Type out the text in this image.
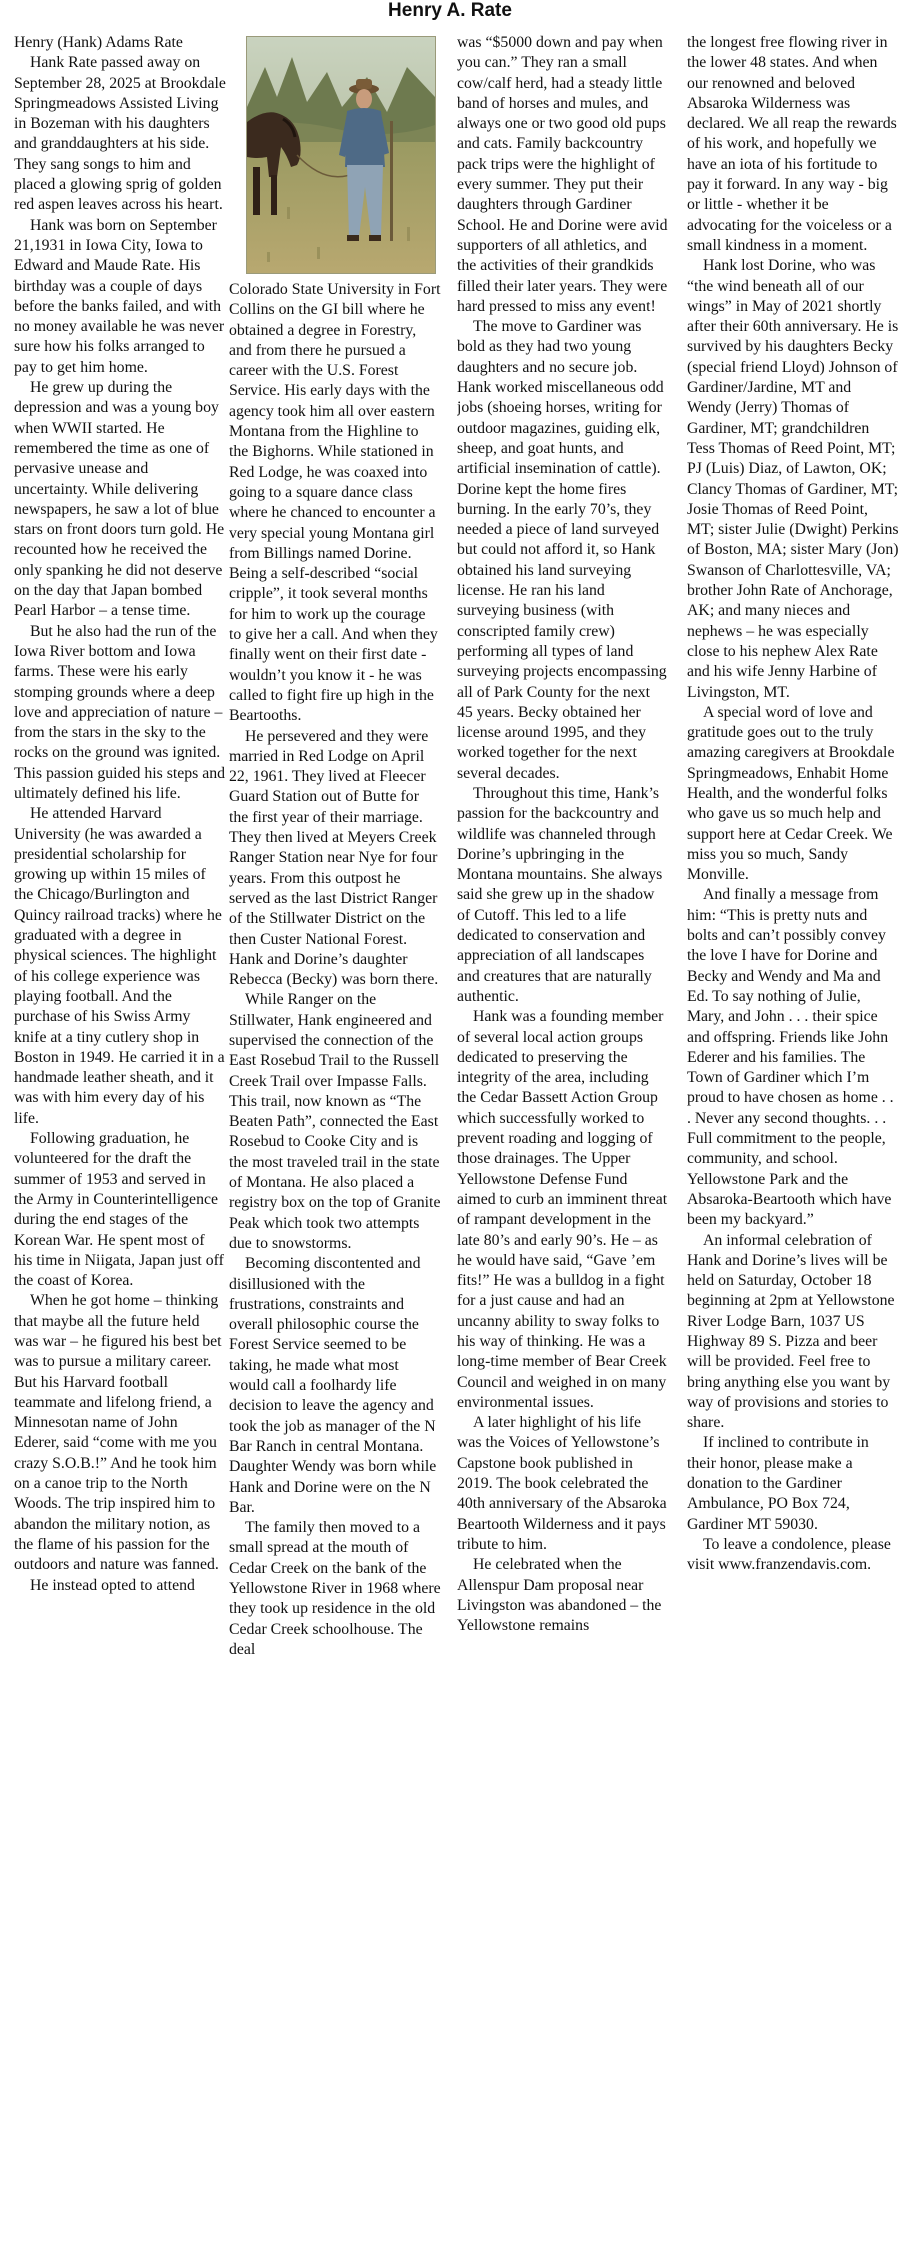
Henry A. Rate

Henry (Hank) Adams Rate

Hank Rate passed away on September 28, 2025 at Brookdale Springmeadows Assisted Living in Bozeman with his daughters and granddaughters at his side. They sang songs to him and placed a glowing sprig of golden red aspen leaves across his heart.

Hank was born on September 21,1931 in Iowa City, Iowa to Edward and Maude Rate. His birthday was a couple of days before the banks failed, and with no money available he was never sure how his folks arranged to pay to get him home.

He grew up during the depression and was a young boy when WWII started. He remembered the time as one of pervasive unease and uncertainty. While delivering newspapers, he saw a lot of blue stars on front doors turn gold. He recounted how he received the only spanking he did not deserve on the day that Japan bombed Pearl Harbor – a tense time.

But he also had the run of the Iowa River bottom and Iowa farms. These were his early stomping grounds where a deep love and appreciation of nature – from the stars in the sky to the rocks on the ground was ignited. This passion guided his steps and ultimately defined his life.

He attended Harvard University (he was awarded a presidential scholarship for growing up within 15 miles of the Chicago/Burlington and Quincy railroad tracks) where he graduated with a degree in physical sciences. The highlight of his college experience was playing football. And the purchase of his Swiss Army knife at a tiny cutlery shop in Boston in 1949. He carried it in a handmade leather sheath, and it was with him every day of his life.

Following graduation, he volunteered for the draft the summer of 1953 and served in the Army in Counterintelligence during the end stages of the Korean War. He spent most of his time in Niigata, Japan just off the coast of Korea.

When he got home – thinking that maybe all the future held was war – he figured his best bet was to pursue a military career. But his Harvard football teammate and lifelong friend, a Minnesotan name of John Ederer, said “come with me you crazy S.O.B.!” And he took him on a canoe trip to the North Woods. The trip inspired him to abandon the military notion, as the flame of his passion for the outdoors and nature was fanned.

He instead opted to attend

Colorado State University in Fort Collins on the GI bill where he obtained a degree in Forestry, and from there he pursued a career with the U.S. Forest Service. His early days with the agency took him all over eastern Montana from the Highline to the Bighorns. While stationed in Red Lodge, he was coaxed into going to a square dance class where he chanced to encounter a very special young Montana girl from Billings named Dorine. Being a self-described “social cripple”, it took several months for him to work up the courage to give her a call. And when they finally went on their first date - wouldn’t you know it - he was called to fight fire up high in the Beartooths.

He persevered and they were married in Red Lodge on April 22, 1961. They lived at Fleecer Guard Station out of Butte for the first year of their marriage. They then lived at Meyers Creek Ranger Station near Nye for four years. From this outpost he served as the last District Ranger of the Stillwater District on the then Custer National Forest. Hank and Dorine’s daughter Rebecca (Becky) was born there.

While Ranger on the Stillwater, Hank engineered and supervised the connection of the East Rosebud Trail to the Russell Creek Trail over Impasse Falls. This trail, now known as “The Beaten Path”, connected the East Rosebud to Cooke City and is the most traveled trail in the state of Montana. He also placed a registry box on the top of Granite Peak which took two attempts due to snowstorms.

Becoming discontented and disillusioned with the frustrations, constraints and overall philosophic course the Forest Service seemed to be taking, he made what most would call a foolhardy life decision to leave the agency and took the job as manager of the N Bar Ranch in central Montana. Daughter Wendy was born while Hank and Dorine were on the N Bar.

The family then moved to a small spread at the mouth of Cedar Creek on the bank of the Yellowstone River in 1968 where they took up residence in the old Cedar Creek schoolhouse. The deal

was “$5000 down and pay when you can.” They ran a small cow/calf herd, had a steady little band of horses and mules, and always one or two good old pups and cats. Family backcountry pack trips were the highlight of every summer. They put their daughters through Gardiner School. He and Dorine were avid supporters of all athletics, and the activities of their grandkids filled their later years. They were hard pressed to miss any event!

The move to Gardiner was bold as they had two young daughters and no secure job. Hank worked miscellaneous odd jobs (shoeing horses, writing for outdoor magazines, guiding elk, sheep, and goat hunts, and artificial insemination of cattle). Dorine kept the home fires burning. In the early 70’s, they needed a piece of land surveyed but could not afford it, so Hank obtained his land surveying license. He ran his land surveying business (with conscripted family crew) performing all types of land surveying projects encompassing all of Park County for the next 45 years. Becky obtained her license around 1995, and they worked together for the next several decades.

Throughout this time, Hank’s passion for the backcountry and wildlife was channeled through Dorine’s upbringing in the Montana mountains. She always said she grew up in the shadow of Cutoff. This led to a life dedicated to conservation and appreciation of all landscapes and creatures that are naturally authentic.

Hank was a founding member of several local action groups dedicated to preserving the integrity of the area, including the Cedar Bassett Action Group which successfully worked to prevent roading and logging of those drainages. The Upper Yellowstone Defense Fund aimed to curb an imminent threat of rampant development in the late 80’s and early 90’s. He – as he would have said, “Gave ’em fits!” He was a bulldog in a fight for a just cause and had an uncanny ability to sway folks to his way of thinking. He was a long-time member of Bear Creek Council and weighed in on many environmental issues.

A later highlight of his life was the Voices of Yellowstone’s Capstone book published in 2019. The book celebrated the 40th anniversary of the Absaroka Beartooth Wilderness and it pays tribute to him.

He celebrated when the Allenspur Dam proposal near Livingston was abandoned – the Yellowstone remains

the longest free flowing river in the lower 48 states. And when our renowned and beloved Absaroka Wilderness was declared. We all reap the rewards of his work, and hopefully we have an iota of his fortitude to pay it forward. In any way - big or little - whether it be advocating for the voiceless or a small kindness in a moment.

Hank lost Dorine, who was “the wind beneath all of our wings” in May of 2021 shortly after their 60th anniversary. He is survived by his daughters Becky (special friend Lloyd) Johnson of Gardiner/Jardine, MT and Wendy (Jerry) Thomas of Gardiner, MT; grandchildren Tess Thomas of Reed Point, MT; PJ (Luis) Diaz, of Lawton, OK; Clancy Thomas of Gardiner, MT; Josie Thomas of Reed Point, MT; sister Julie (Dwight) Perkins of Boston, MA; sister Mary (Jon) Swanson of Charlottesville, VA; brother John Rate of Anchorage, AK; and many nieces and nephews – he was especially close to his nephew Alex Rate and his wife Jenny Harbine of Livingston, MT.

A special word of love and gratitude goes out to the truly amazing caregivers at Brookdale Springmeadows, Enhabit Home Health, and the wonderful folks who gave us so much help and support here at Cedar Creek. We miss you so much, Sandy Monville.

And finally a message from him: “This is pretty nuts and bolts and can’t possibly convey the love I have for Dorine and Becky and Wendy and Ma and Ed. To say nothing of Julie, Mary, and John . . . their spice and offspring. Friends like John Ederer and his families. The Town of Gardiner which I’m proud to have chosen as home . . . Never any second thoughts. . . Full commitment to the people, community, and school. Yellowstone Park and the Absaroka-Beartooth which have been my backyard.”

An informal celebration of Hank and Dorine’s lives will be held on Saturday, October 18 beginning at 2pm at Yellowstone River Lodge Barn, 1037 US Highway 89 S. Pizza and beer will be provided. Feel free to bring anything else you want by way of provisions and stories to share.

If inclined to contribute in their honor, please make a donation to the Gardiner Ambulance, PO Box 724, Gardiner MT 59030.

To leave a condolence, please visit www.franzendavis.com.
